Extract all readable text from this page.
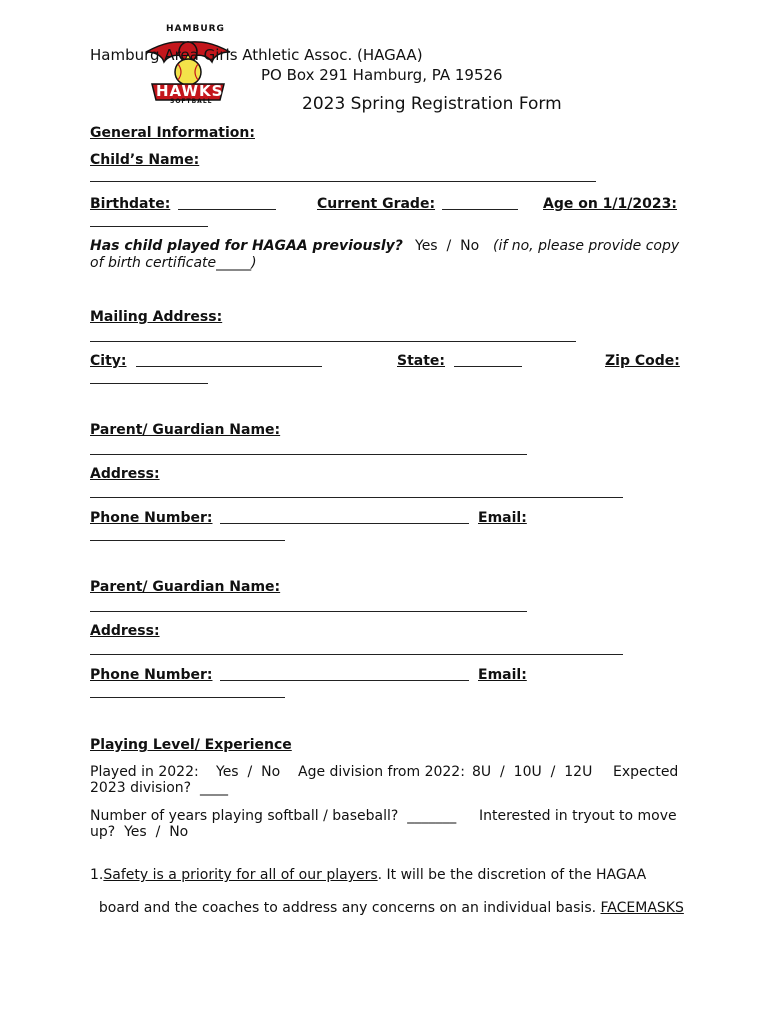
HAMBURG
HAWKS
SOFTBALL
Hamburg Area Girls Athletic Assoc. (HAGAA)
PO Box 291 Hamburg, PA 19526
2023 Spring Registration Form
General Information:
Child’s Name:
Birthdate:	Current Grade:	Age on 1/1/2023:
Has child played for HAGAA previously? Yes  /  No (if no, please provide copy
of birth certificate_____)
Mailing Address:
City:	State:	Zip Code:
Parent/ Guardian Name:
Address:
Phone Number:	Email:
Parent/ Guardian Name:
Address:
Phone Number:	Email:
Playing Level/ Experience
Played in 2022: Yes  /  No Age division from 2022: 8U  /  10U  /  12U Expected
2023 division?  ____
Number of years playing softball / baseball?  _______ Interested in tryout to move
up?  Yes  /  No
1.Safety is a priority for all of our players. It will be the discretion of the HAGAA

board and the coaches to address any concerns on an individual basis. FACEMASKS
